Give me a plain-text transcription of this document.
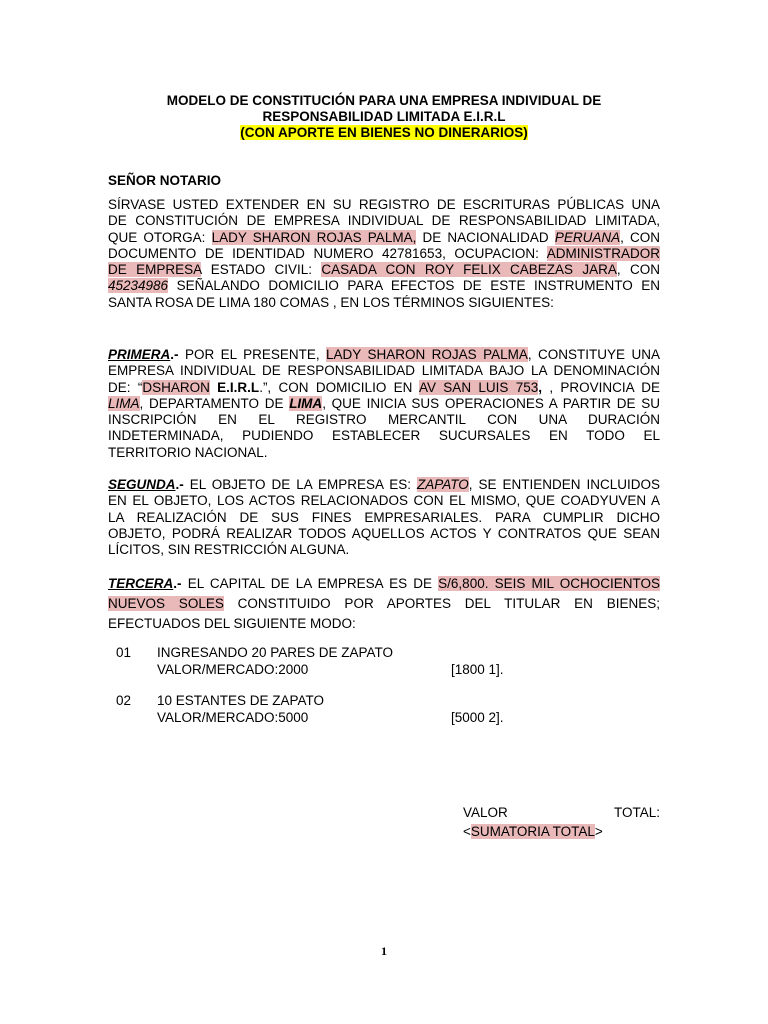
MODELO DE CONSTITUCIÓN PARA UNA EMPRESA INDIVIDUAL DE
RESPONSABILIDAD LIMITADA E.I.R.L
(CON APORTE EN BIENES NO DINERARIOS)
SEÑOR NOTARIO
SÍRVASE USTED EXTENDER EN SU REGISTRO DE ESCRITURAS PÚBLICAS UNA
DE CONSTITUCIÓN DE EMPRESA INDIVIDUAL DE RESPONSABILIDAD LIMITADA,
QUE OTORGA: LADY SHARON ROJAS PALMA, DE NACIONALIDAD PERUANA, CON
DOCUMENTO DE IDENTIDAD NUMERO 42781653, OCUPACION: ADMINISTRADOR
DE EMPRESA ESTADO CIVIL: CASADA CON ROY FELIX CABEZAS JARA, CON
45234986 SEÑALANDO DOMICILIO PARA EFECTOS DE ESTE INSTRUMENTO EN
SANTA ROSA DE LIMA 180 COMAS , EN LOS TÉRMINOS SIGUIENTES:
PRIMERA.- POR EL PRESENTE, LADY SHARON ROJAS PALMA, CONSTITUYE UNA
EMPRESA INDIVIDUAL DE RESPONSABILIDAD LIMITADA BAJO LA DENOMINACIÓN
DE: “DSHARON E.I.R.L.”, CON DOMICILIO EN AV SAN LUIS 753, , PROVINCIA DE
LIMA, DEPARTAMENTO DE LIMA, QUE INICIA SUS OPERACIONES A PARTIR DE SU
INSCRIPCIÓN EN EL REGISTRO MERCANTIL CON UNA DURACIÓN
INDETERMINADA, PUDIENDO ESTABLECER SUCURSALES EN TODO EL
TERRITORIO NACIONAL.
SEGUNDA.- EL OBJETO DE LA EMPRESA ES: ZAPATO, SE ENTIENDEN INCLUIDOS
EN EL OBJETO, LOS ACTOS RELACIONADOS CON EL MISMO, QUE COADYUVEN A
LA REALIZACIÓN DE SUS FINES EMPRESARIALES. PARA CUMPLIR DICHO
OBJETO, PODRÁ REALIZAR TODOS AQUELLOS ACTOS Y CONTRATOS QUE SEAN
LÍCITOS, SIN RESTRICCIÓN ALGUNA.
TERCERA.- EL CAPITAL DE LA EMPRESA ES DE S/6,800. SEIS MIL OCHOCIENTOS
NUEVOS SOLES CONSTITUIDO POR APORTES DEL TITULAR EN BIENES;
EFECTUADOS DEL SIGUIENTE MODO:
01 INGRESANDO 20 PARES DE ZAPATO
VALOR/MERCADO:2000	[1800 1].
02 10 ESTANTES DE ZAPATO
VALOR/MERCADO:5000	[5000 2].
VALOR	TOTAL:
<SUMATORIA TOTAL>
1
